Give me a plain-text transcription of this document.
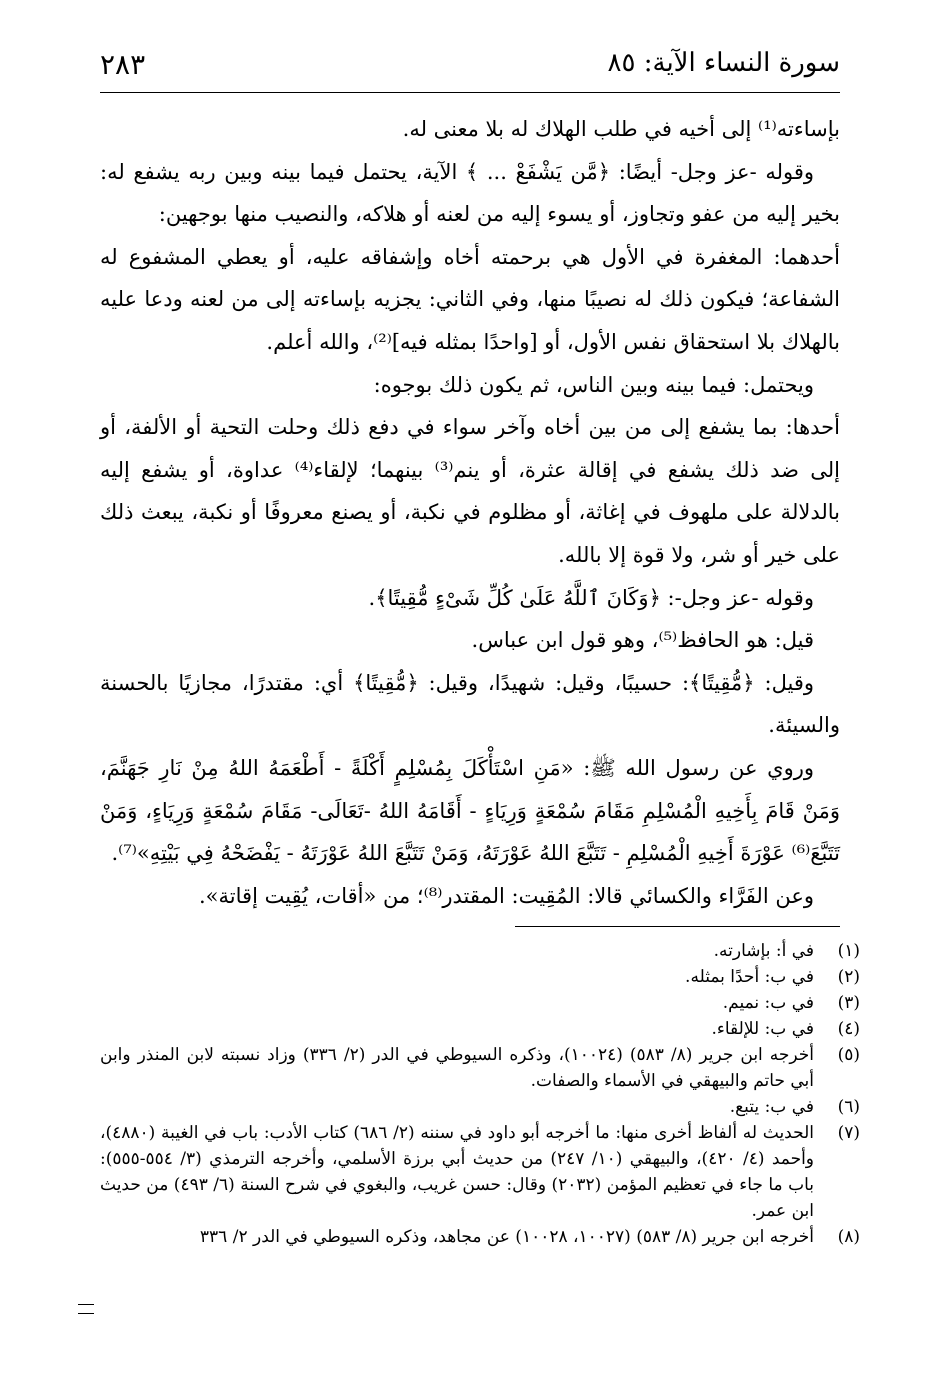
سورة النساء الآية: ٨٥
٢٨٣

بإساءته⁽¹⁾ إلى أخيه في طلب الهلاك له بلا معنى له.

وقوله -عز وجل- أيضًا: ﴿مَّن يَشْفَعْ ... ﴾ الآية، يحتمل فيما بينه وبين ربه يشفع له: بخير إليه من عفو وتجاوز، أو يسوء إليه من لعنه أو هلاكه، والنصيب منها بوجهين:

أحدهما: المغفرة في الأول هي برحمته أخاه وإشفاقه عليه، أو يعطي المشفوع له الشفاعة؛ فيكون ذلك له نصيبًا منها، وفي الثاني: يجزيه بإساءته إلى من لعنه ودعا عليه بالهلاك بلا استحقاق نفس الأول، أو [واحدًا بمثله فيه]⁽²⁾، والله أعلم.

ويحتمل: فيما بينه وبين الناس، ثم يكون ذلك بوجوه:

أحدها: بما يشفع إلى من بين أخاه وآخر سواء في دفع ذلك وحلت التحية أو الألفة، أو إلى ضد ذلك يشفع في إقالة عثرة، أو ينم⁽³⁾ بينهما؛ لإلقاء⁽⁴⁾ عداوة، أو يشفع إليه بالدلالة على ملهوف في إغاثة، أو مظلوم في نكبة، أو يصنع معروفًا أو نكبة، يبعث ذلك على خير أو شر، ولا قوة إلا بالله.

وقوله -عز وجل-: ﴿وَكَانَ ٱللَّهُ عَلَىٰ كُلِّ شَىْءٍ مُّقِيتًا﴾.

قيل: هو الحافظ⁽⁵⁾، وهو قول ابن عباس.

وقيل: ﴿مُّقِيتًا﴾: حسيبًا، وقيل: شهيدًا، وقيل: ﴿مُّقِيتًا﴾ أي: مقتدرًا، مجازيًا بالحسنة والسيئة.

وروي عن رسول الله ﷺ: «مَنِ اسْتَأْكَلَ بِمُسْلِمٍ أَكْلَةً - أَطْعَمَهُ اللهُ مِنْ نَارِ جَهَنَّمَ، وَمَنْ قَامَ بِأَخِيهِ الْمُسْلِمِ مَقَامَ سُمْعَةٍ وَرِيَاءٍ - أَقَامَهُ اللهُ -تَعَالَى- مَقَامَ سُمْعَةٍ وَرِيَاءٍ، وَمَنْ تَتَبَّعَ⁽⁶⁾ عَوْرَةَ أَخِيهِ الْمُسْلِمِ - تَتَبَّعَ اللهُ عَوْرَتَهُ، وَمَنْ تَتَبَّعَ اللهُ عَوْرَتَهُ - يَفْضَحْهُ فِي بَيْتِهِ»⁽⁷⁾.

وعن الفَرَّاء والكسائي قالا: المُقِيت: المقتدر⁽⁸⁾؛ من «أقات، يُقِيت إقاتة».

(١)
في أ: بإشارته.
(٢)
في ب: أحدًا بمثله.
(٣)
في ب: نميم.
(٤)
في ب: للإلقاء.
(٥)
أخرجه ابن جرير (٨/ ٥٨٣) (١٠٠٢٤)، وذكره السيوطي في الدر (٢/ ٣٣٦) وزاد نسبته لابن المنذر وابن أبي حاتم والبيهقي في الأسماء والصفات.
(٦)
في ب: يتبع.
(٧)
الحديث له ألفاظ أخرى منها: ما أخرجه أبو داود في سننه (٢/ ٦٨٦) كتاب الأدب: باب في الغيبة (٤٨٨٠)، وأحمد (٤/ ٤٢٠)، والبيهقي (١٠/ ٢٤٧) من حديث أبي برزة الأسلمي، وأخرجه الترمذي (٣/ ٥٥٤-٥٥٥): باب ما جاء في تعظيم المؤمن (٢٠٣٢) وقال: حسن غريب، والبغوي في شرح السنة (٦/ ٤٩٣) من حديث ابن عمر.
(٨)
أخرجه ابن جرير (٨/ ٥٨٣) (١٠٠٢٧، ١٠٠٢٨) عن مجاهد، وذكره السيوطي في الدر ٢/ ٣٣٦
